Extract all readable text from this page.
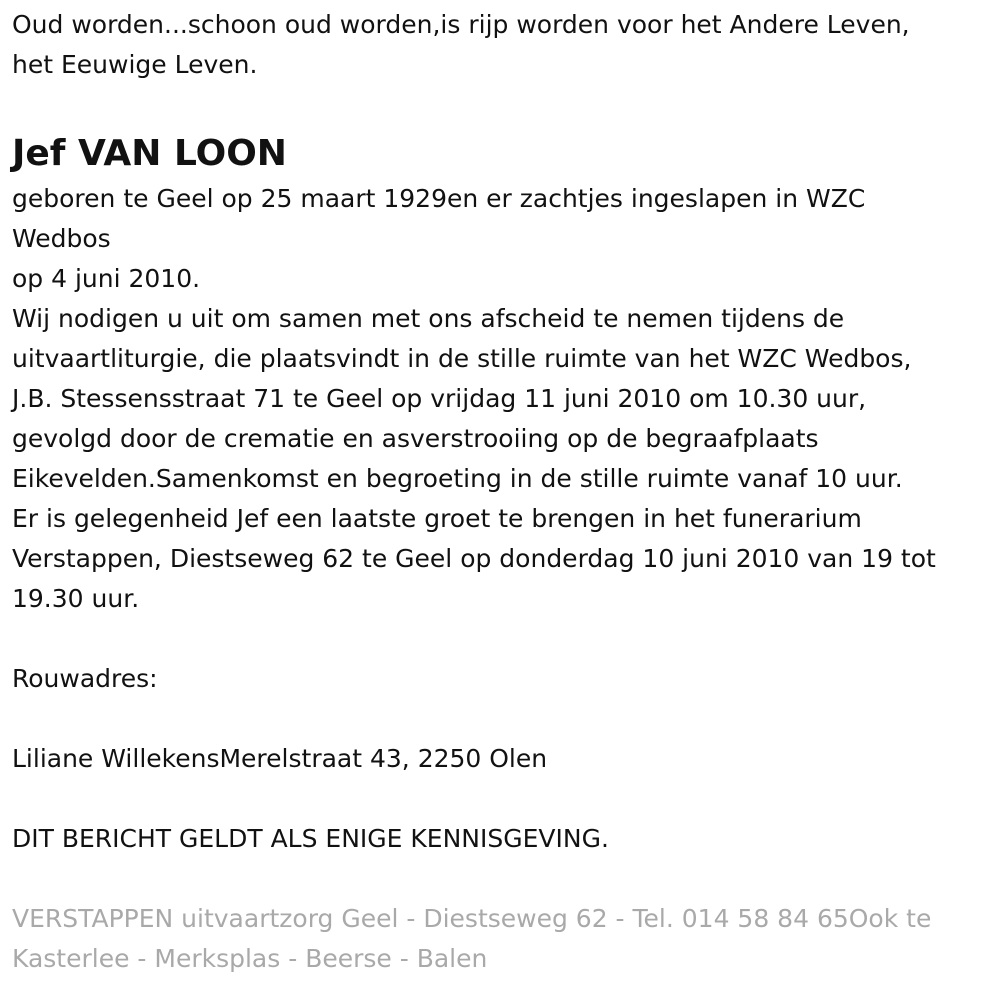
Oud worden...schoon oud worden,is rijp worden voor het Andere Leven,

het Eeuwige Leven.

Jef VAN LOON

geboren te Geel op 25 maart 1929en er zachtjes ingeslapen in WZC

Wedbos

op 4 juni 2010.

Wij nodigen u uit om samen met ons afscheid te nemen tijdens de

uitvaartliturgie, die plaatsvindt in de stille ruimte van het WZC Wedbos,

J.B. Stessensstraat 71 te Geel op vrijdag 11 juni 2010 om 10.30 uur,

gevolgd door de crematie en asverstrooiing op de begraafplaats

Eikevelden.Samenkomst en begroeting in de stille ruimte vanaf 10 uur.

Er is gelegenheid Jef een laatste groet te brengen in het funerarium

Verstappen, Diestseweg 62 te Geel op donderdag 10 juni 2010 van 19 tot

19.30 uur.

Rouwadres:

Liliane WillekensMerelstraat 43, 2250 Olen

DIT BERICHT GELDT ALS ENIGE KENNISGEVING.

VERSTAPPEN uitvaartzorg Geel - Diestseweg 62 - Tel. 014 58 84 65Ook te

Kasterlee - Merksplas - Beerse - Balen
